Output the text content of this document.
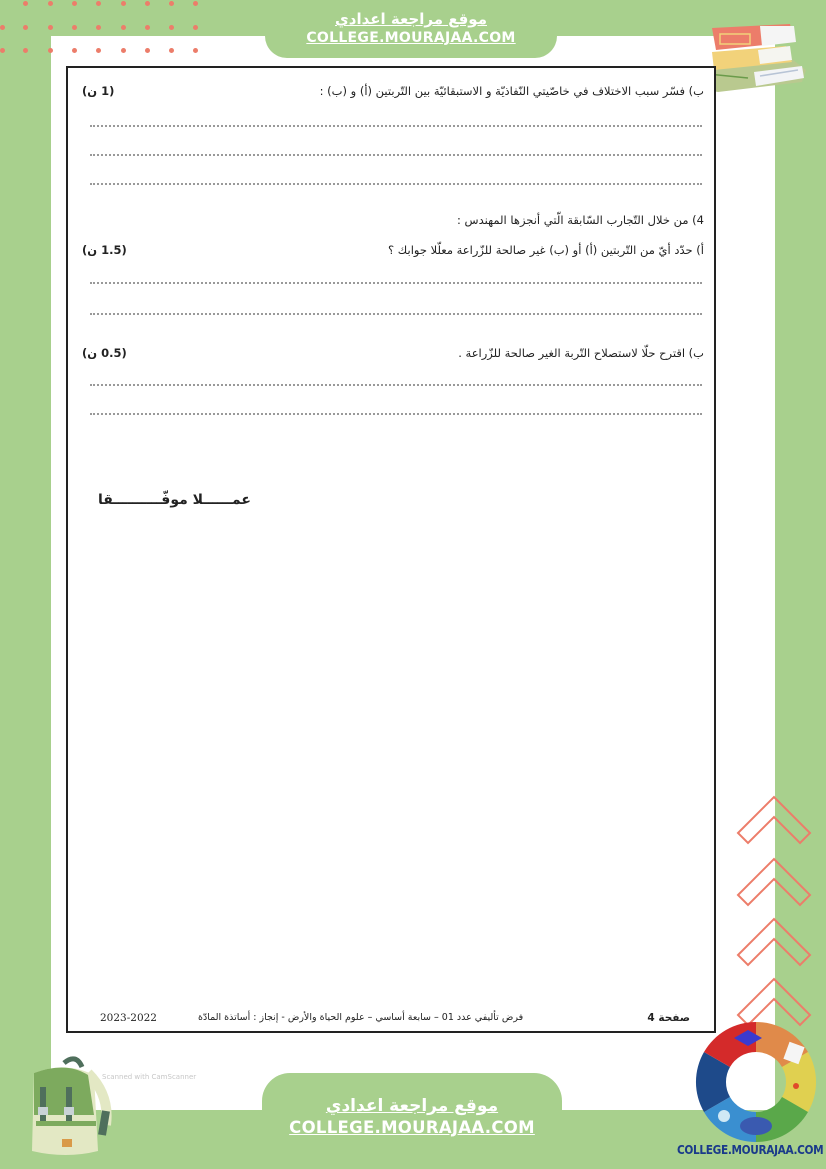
موقع مراجعة اعدادي
COLLEGE.MOURAJAA.COM
(1 ن)	ب) فسّر سبب الاختلاف في خاصّيتي النّفاذيّة و الاستبقائيّة بين التّربتين (أ) و (ب) :
4) من خلال التّجارب السّابقة الّتي أنجزها المهندس :
(1.5 ن)	أ) حدّد أيّ من التّربتين (أ) أو (ب) غير صالحة للزّراعة معلّلا جوابك ؟
(0.5 ن)	ب) اقترح حلّا لاستصلاح التّربة الغير صالحة للزّراعة .
عمــــــلا موفّــــــــــقا
2023-2022	فرض تأليفي عدد 01 – سابعة أساسي – علوم الحياة والأرض - إنجاز : أساتذة المادّة	صفحة 4
Scanned with CamScanner
موقع مراجعة اعدادي
COLLEGE.MOURAJAA.COM
COLLEGE.MOURAJAA.COM
